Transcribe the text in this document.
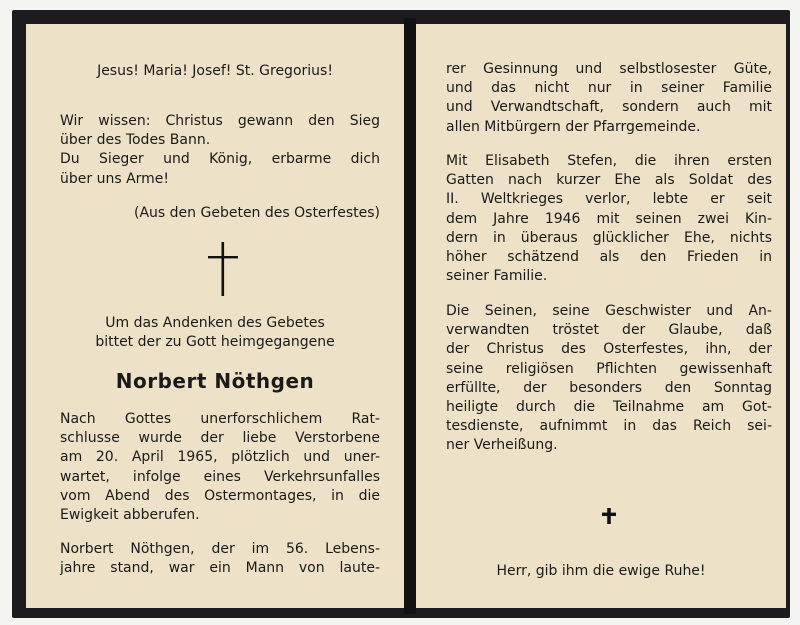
Jesus! Maria! Josef! St. Gregorius!
Wir wissen: Christus gewann den Sieg
über des Todes Bann.
Du Sieger und König, erbarme dich
über uns Arme!
(Aus den Gebeten des Osterfestes)
Um das Andenken des Gebetes
bittet der zu Gott heimgegangene
Norbert Nöthgen
Nach Gottes unerforschlichem Rat-
schlusse wurde der liebe Verstorbene
am 20. April 1965, plötzlich und uner-
wartet, infolge eines Verkehrsunfalles
vom Abend des Ostermontages, in die
Ewigkeit abberufen.
Norbert Nöthgen, der im 56. Lebens-
jahre stand, war ein Mann von laute-
rer Gesinnung und selbstlosester Güte,
und das nicht nur in seiner Familie
und Verwandtschaft, sondern auch mit
allen Mitbürgern der Pfarrgemeinde.
Mit Elisabeth Stefen, die ihren ersten
Gatten nach kurzer Ehe als Soldat des
II. Weltkrieges verlor, lebte er seit
dem Jahre 1946 mit seinen zwei Kin-
dern in überaus glücklicher Ehe, nichts
höher schätzend als den Frieden in
seiner Familie.
Die Seinen, seine Geschwister und An-
verwandten tröstet der Glaube, daß
der Christus des Osterfestes, ihn, der
seine religiösen Pflichten gewissenhaft
erfüllte, der besonders den Sonntag
heiligte durch die Teilnahme am Got-
tesdienste, aufnimmt in das Reich sei-
ner Verheißung.
Herr, gib ihm die ewige Ruhe!
